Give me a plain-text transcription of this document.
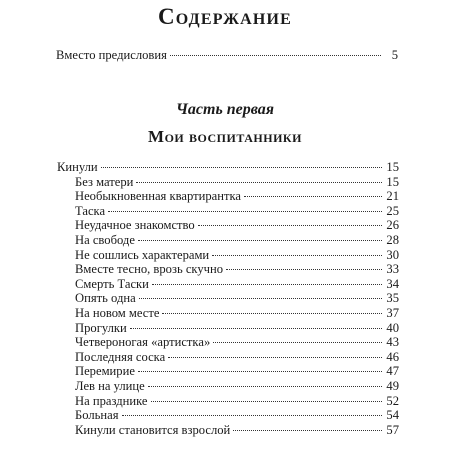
Содержание
Вместо предисловия	5
Часть первая
Мои воспитанники
Кинули	15
Без матери	15
Необыкновенная квартирантка	21
Таска	25
Неудачное знакомство	26
На свободе	28
Не сошлись характерами	30
Вместе тесно, врозь скучно	33
Смерть Таски	34
Опять одна	35
На новом месте	37
Прогулки	40
Четвероногая «артистка»	43
Последняя соска	46
Перемирие	47
Лев на улице	49
На празднике	52
Больная	54
Кинули становится взрослой	57
